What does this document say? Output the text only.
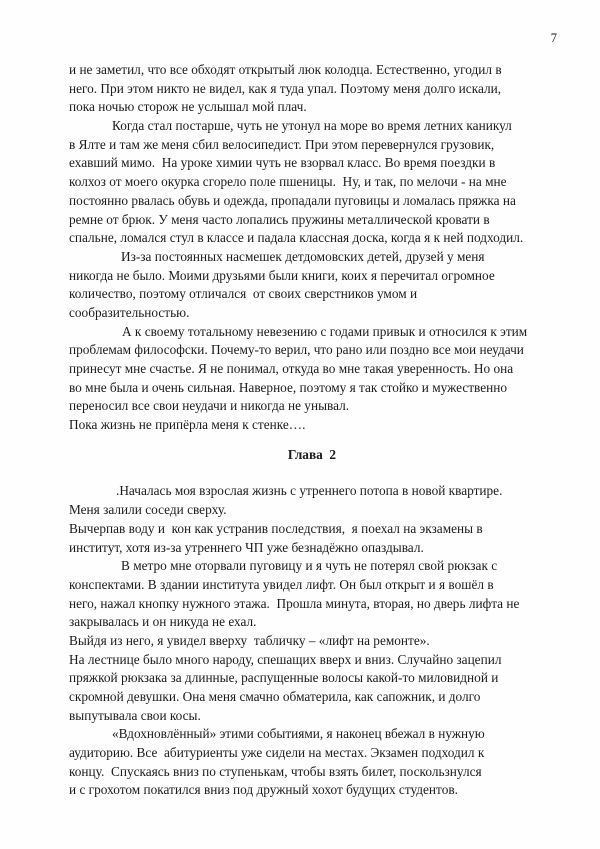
7
и не заметил, что все обходят открытый люк колодца. Естественно, угодил в
него. При этом никто не видел, как я туда упал. Поэтому меня долго искали,
пока ночью сторож не услышал мой плач.
Когда стал постарше, чуть не утонул на море во время летних каникул
в Ялте и там же меня сбил велосипедист. При этом перевернулся грузовик,
ехавший мимо.  На уроке химии чуть не взорвал класс. Во время поездки в
колхоз от моего окурка сгорело поле пшеницы.  Ну, и так, по мелочи - на мне
постоянно рвалась обувь и одежда, пропадали пуговицы и ломалась пряжка на
ремне от брюк. У меня часто лопались пружины металлической кровати в
спальне, ломался стул в классе и падала классная доска, когда я к ней подходил.
Из-за постоянных насмешек детдомовских детей, друзей у меня
никогда не было. Моими друзьями были книги, коих я перечитал огромное
количество, поэтому отличался  от своих сверстников умом и
сообразительностью.
А к своему тотальному невезению с годами привык и относился к этим
проблемам философски. Почему-то верил, что рано или поздно все мои неудачи
принесут мне счастье. Я не понимал, откуда во мне такая уверенность. Но она
во мне была и очень сильная. Наверное, поэтому я так стойко и мужественно
переносил все свои неудачи и никогда не унывал.
Пока жизнь не припёрла меня к стенке….
Глава  2
.Началась моя взрослая жизнь с утреннего потопа в новой квартире.
Меня залили соседи сверху.
Вычерпав воду и  кон как устранив последствия,  я поехал на экзамены в
институт, хотя из-за утреннего ЧП уже безнадёжно опаздывал.
В метро мне оторвали пуговицу и я чуть не потерял свой рюкзак с
конспектами. В здании института увидел лифт. Он был открыт и я вошёл в
него, нажал кнопку нужного этажа.  Прошла минута, вторая, но дверь лифта не
закрывалась и он никуда не ехал.
Выйдя из него, я увидел вверху  табличку – «лифт на ремонте».
На лестнице было много народу, спешащих вверх и вниз. Случайно зацепил
пряжкой рюкзака за длинные, распущенные волосы какой-то миловидной и
скромной девушки. Она меня смачно обматерила, как сапожник, и долго
выпутывала свои косы.
«Вдохновлённый» этими событиями, я наконец вбежал в нужную
аудиторию. Все  абитуриенты уже сидели на местах. Экзамен подходил к
концу.  Спускаясь вниз по ступенькам, чтобы взять билет, поскользнулся
и с грохотом покатился вниз под дружный хохот будущих студентов.
